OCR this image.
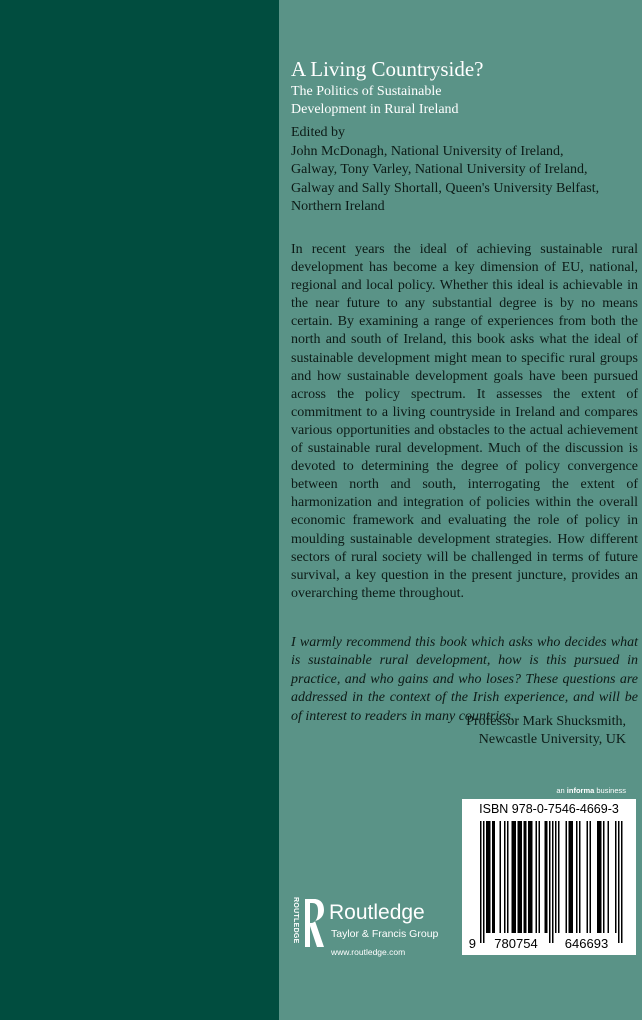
A Living Countryside?
The Politics of Sustainable
Development in Rural Ireland
Edited by
John McDonagh, National University of Ireland,
Galway, Tony Varley, National University of Ireland,
Galway and Sally Shortall, Queen's University Belfast,
Northern Ireland
In recent years the ideal of achieving sustainable rural development has become a key dimension of EU, national, regional and local policy. Whether this ideal is achievable in the near future to any substantial degree is by no means certain. By examining a range of experiences from both the north and south of Ireland, this book asks what the ideal of sustainable development might mean to specific rural groups and how sustainable development goals have been pursued across the policy spectrum. It assesses the extent of commitment to a living countryside in Ireland and compares various opportunities and obstacles to the actual achievement of sustainable rural development. Much of the discussion is devoted to determining the degree of policy convergence between north and south, interrogating the extent of harmonization and integration of policies within the overall economic framework and evaluating the role of policy in moulding sustainable development strategies. How different sectors of rural society will be challenged in terms of future survival, a key question in the present juncture, provides an overarching theme throughout.
I warmly recommend this book which asks who decides what is sustainable rural development, how is this pursued in practice, and who gains and who loses? These questions are addressed in the context of the Irish experience, and will be of interest to readers in many countries.
Professor Mark Shucksmith,
Newcastle University, UK
an informa business
9 780754 646693
ISBN 978-0-7546-4669-3
ROUTLEDGE Routledge
Taylor & Francis Group
www.routledge.com
